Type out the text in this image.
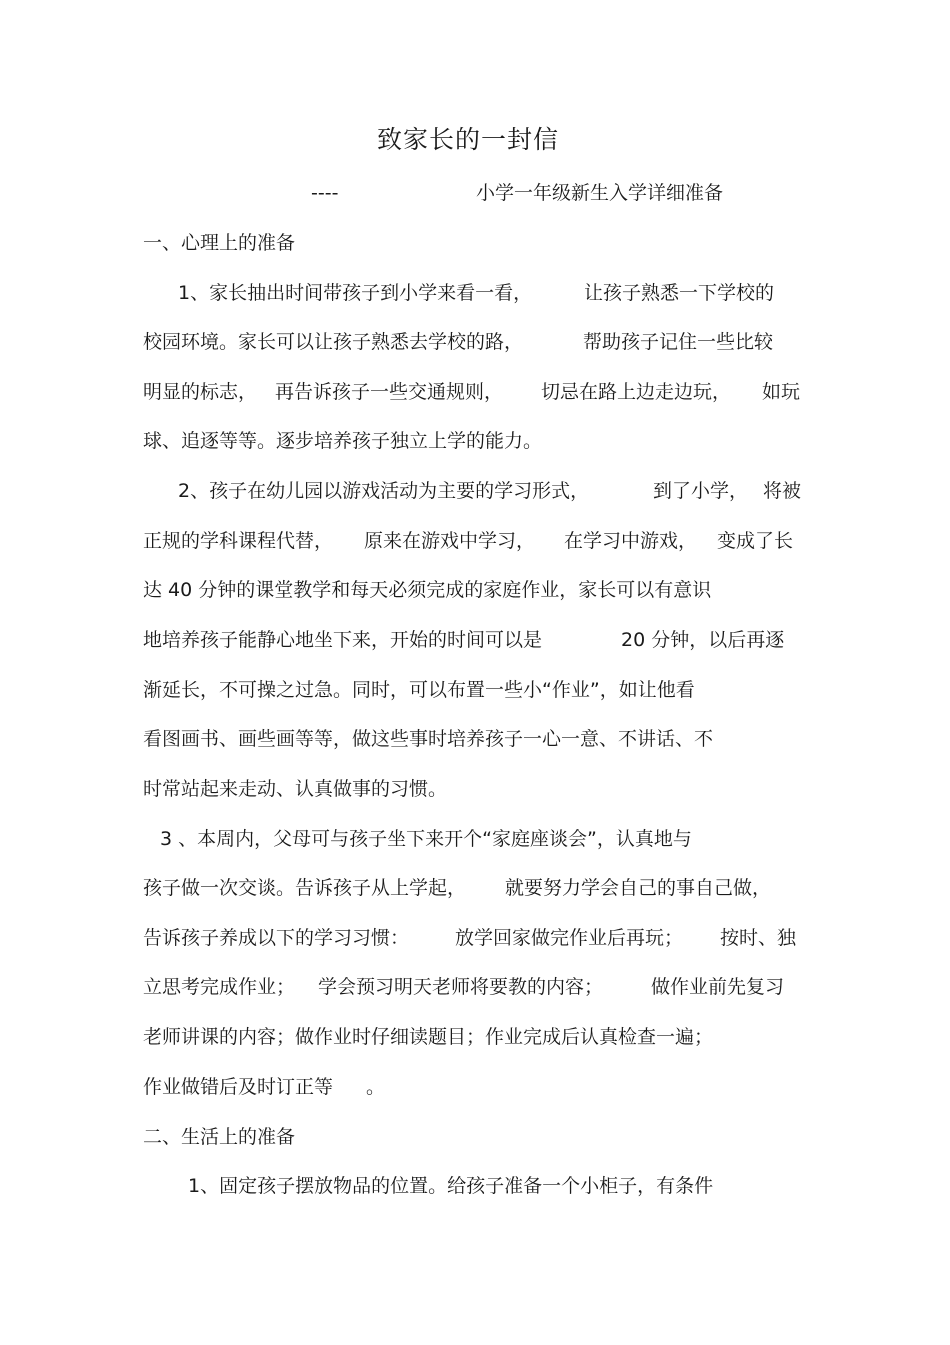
致家长的一封信
----	小学一年级新生入学详细准备
一、心理上的准备
1、家长抽出时间带孩子到小学来看一看，	让孩子熟悉一下学校的
校园环境。家长可以让孩子熟悉去学校的路，	帮助孩子记住一些比较
明显的标志， 再告诉孩子一些交通规则， 切忌在路上边走边玩， 如玩
球、追逐等等。逐步培养孩子独立上学的能力。
2、孩子在幼儿园以游戏活动为主要的学习形式，	到了小学， 将被
正规的学科课程代替， 原来在游戏中学习， 在学习中游戏， 变成了长
达 40 分钟的课堂教学和每天必须完成的家庭作业，家长可以有意识
地培养孩子能静心地坐下来，开始的时间可以是	20 分钟，以后再逐
渐延长，不可操之过急。同时，可以布置一些小“作业”，如让他看
看图画书、画些画等等，做这些事时培养孩子一心一意、不讲话、不
时常站起来走动、认真做事的习惯。
3 、本周内，父母可与孩子坐下来开个“家庭座谈会”，认真地与
孩子做一次交谈。告诉孩子从上学起， 就要努力学会自己的事自己做，
告诉孩子养成以下的学习习惯： 放学回家做完作业后再玩； 按时、独
立思考完成作业； 学会预习明天老师将要教的内容；	做作业前先复习
老师讲课的内容；做作业时仔细读题目；作业完成后认真检查一遍；
作业做错后及时订正等 。
二、生活上的准备
1、固定孩子摆放物品的位置。给孩子准备一个小柜子，有条件
